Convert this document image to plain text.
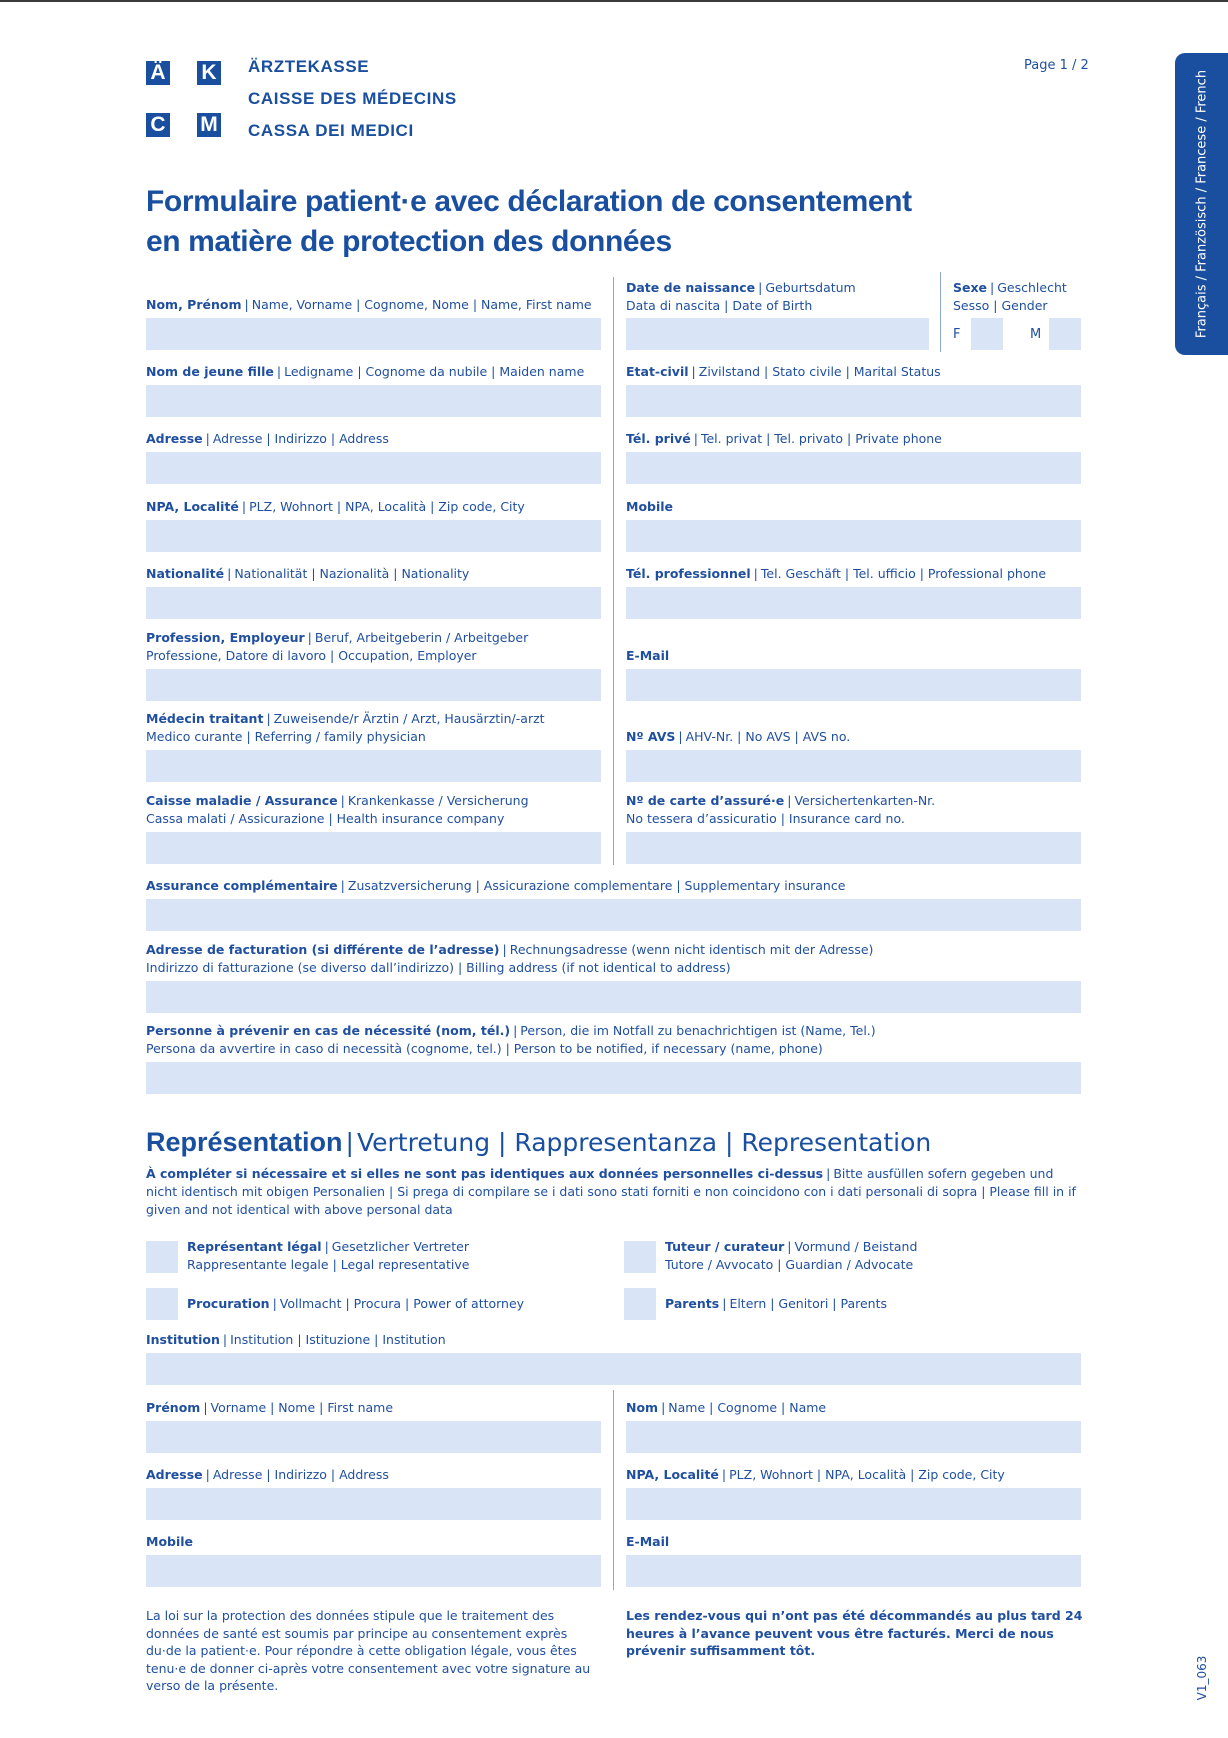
Ä K
C M
ÄRZTEKASSE
CAISSE DES MÉDECINS
CASSA DEI MEDICI
Page 1 / 2
Français / Französisch / Francese / French
Formulaire patient·e avec déclaration de consentement
en matière de protection des données
Nom, Prénom | Name, Vorname | Cognome, Nome | Name, First name
Date de naissance | Geburtsdatum
Data di nascita | Date of Birth
Sexe | Geschlecht
Sesso | Gender
F	M
Nom de jeune fille | Ledigname | Cognome da nubile | Maiden name	Etat-civil | Zivilstand | Stato civile | Marital Status
Adresse | Adresse | Indirizzo | Address	Tél. privé | Tel. privat | Tel. privato | Private phone
NPA, Localité | PLZ, Wohnort | NPA, Località | Zip code, City	Mobile
Nationalité | Nationalität | Nazionalità | Nationality	Tél. professionnel | Tel. Geschäft | Tel. ufficio | Professional phone
Profession, Employeur | Beruf, Arbeitgeberin / Arbeitgeber
Professione, Datore di lavoro | Occupation, Employer	E-Mail
Médecin traitant | Zuweisende/r Ärztin / Arzt, Hausärztin/-arzt
Medico curante | Referring / family physician	Nº AVS | AHV-Nr. | No AVS | AVS no.
Caisse maladie / Assurance | Krankenkasse / Versicherung
Cassa malati / Assicurazione | Health insurance company
Nº de carte d’assuré·e | Versichertenkarten-Nr.
No tessera d’assicuratio | Insurance card no.
Assurance complémentaire | Zusatzversicherung | Assicurazione complementare | Supplementary insurance
Adresse de facturation (si différente de l’adresse) | Rechnungsadresse (wenn nicht identisch mit der Adresse)
Indirizzo di fatturazione (se diverso dall’indirizzo) | Billing address (if not identical to address)
Personne à prévenir en cas de nécessité (nom, tél.) | Person, die im Notfall zu benachrichtigen ist (Name, Tel.)
Persona da avvertire in caso di necessità (cognome, tel.) | Person to be notified, if necessary (name, phone)
Représentation | Vertretung | Rappresentanza | Representation
À compléter si nécessaire et si elles ne sont pas identiques aux données personnelles ci-dessus | Bitte ausfüllen sofern gegeben und nicht identisch mit obigen Personalien | Si prega di compilare se i dati sono stati forniti e non coincidono con i dati personali di sopra | Please fill in if given and not identical with above personal data
Représentant légal | Gesetzlicher Vertreter
Rappresentante legale | Legal representative
Tuteur / curateur | Vormund / Beistand
Tutore / Avvocato | Guardian / Advocate
Procuration | Vollmacht | Procura | Power of attorney	Parents | Eltern | Genitori | Parents
Institution | Institution | Istituzione | Institution
Prénom | Vorname | Nome | First name	Nom | Name | Cognome | Name
Adresse | Adresse | Indirizzo | Address	NPA, Localité | PLZ, Wohnort | NPA, Località | Zip code, City
Mobile	E-Mail
La loi sur la protection des données stipule que le traitement des données de santé est soumis par principe au consentement exprès du·de la patient·e. Pour répondre à cette obligation légale, vous êtes tenu·e de donner ci-après votre consentement avec votre signature au verso de la présente.
Les rendez-vous qui n’ont pas été décommandés au plus tard 24 heures à l’avance peuvent vous être facturés. Merci de nous prévenir suffisamment tôt.
V1_063
